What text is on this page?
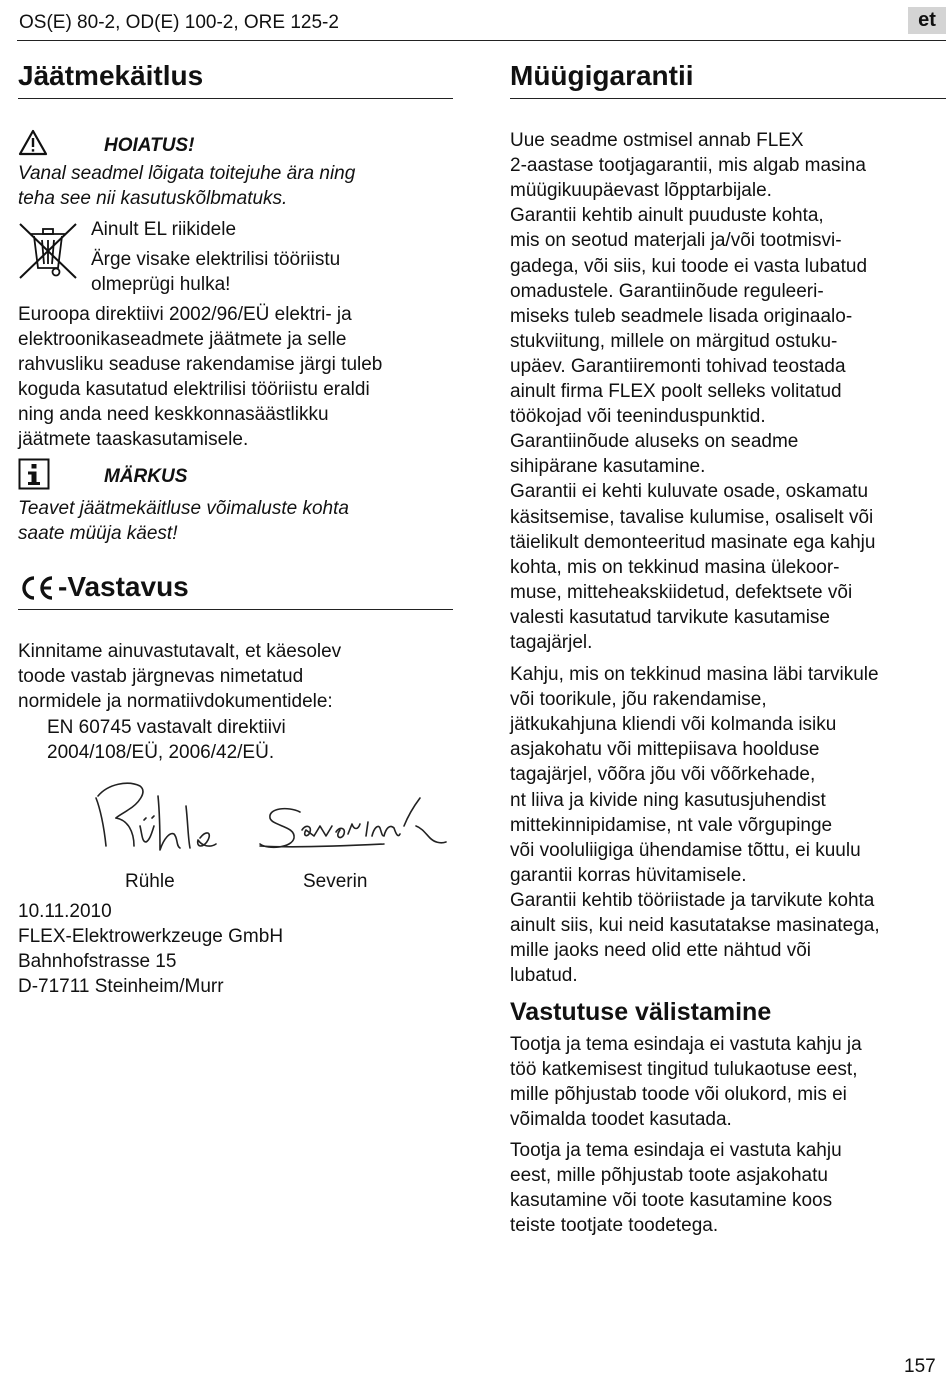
OS(E) 80-2, OD(E) 100-2, ORE 125-2	et
Jäätmekäitlus
HOIATUS!
Vanal seadmel lõigata toitejuhe ära ning
teha see nii kasutuskõlbmatuks.
Ainult EL riikidele
Ärge visake elektrilisi tööriistu
olmeprügi hulka!
Euroopa direktiivi 2002/96/EÜ elektri- ja
elektroonikaseadmete jäätmete ja selle
rahvusliku seaduse rakendamise järgi tuleb
koguda kasutatud elektrilisi tööriistu eraldi
ning anda need keskkonnasäästlikku
jäätmete taaskasutamisele.
MÄRKUS
Teavet jäätmekäitluse võimaluste kohta
saate müüja käest!
-Vastavus
Kinnitame ainuvastutavalt, et käesolev
toode vastab järgnevas nimetatud
normidele ja normatiivdokumentidele:
EN 60745 vastavalt direktiivi
2004/108/EÜ, 2006/42/EÜ.
Rühle	Severin
10.11.2010
FLEX-Elektrowerkzeuge GmbH
Bahnhofstrasse 15
D-71711 Steinheim/Murr
Müügigarantii
Uue seadme ostmisel annab FLEX
2-aastase tootjagarantii, mis algab masina
müügikuupäevast lõpptarbijale.
Garantii kehtib ainult puuduste kohta,
mis on seotud materjali ja/või tootmisvi-
gadega, või siis, kui toode ei vasta lubatud
omadustele. Garantiinõude reguleeri-
miseks tuleb seadmele lisada originaalo-
stukviitung, millele on märgitud ostuku-
upäev. Garantiiremonti tohivad teostada
ainult firma FLEX poolt selleks volitatud
töökojad või teeninduspunktid.
Garantiinõude aluseks on seadme
sihipärane kasutamine.
Garantii ei kehti kuluvate osade, oskamatu
käsitsemise, tavalise kulumise, osaliselt või
täielikult demonteeritud masinate ega kahju
kohta, mis on tekkinud masina ülekoor-
muse, mitteheakskiidetud, defektsete või
valesti kasutatud tarvikute kasutamise
tagajärjel.
Kahju, mis on tekkinud masina läbi tarvikule
või toorikule, jõu rakendamise,
jätkukahjuna kliendi või kolmanda isiku
asjakohatu või mittepiisava hoolduse
tagajärjel, võõra jõu või võõrkehade,
nt liiva ja kivide ning kasutusjuhendist
mittekinnipidamise, nt vale võrgupinge
või vooluliigiga ühendamise tõttu, ei kuulu
garantii korras hüvitamisele.
Garantii kehtib tööriistade ja tarvikute kohta
ainult siis, kui neid kasutatakse masinatega,
mille jaoks need olid ette nähtud või
lubatud.
Vastutuse välistamine
Tootja ja tema esindaja ei vastuta kahju ja
töö katkemisest tingitud tulukaotuse eest,
mille põhjustab toode või olukord, mis ei
võimalda toodet kasutada.
Tootja ja tema esindaja ei vastuta kahju
eest, mille põhjustab toote asjakohatu
kasutamine või toote kasutamine koos
teiste tootjate toodetega.
157
